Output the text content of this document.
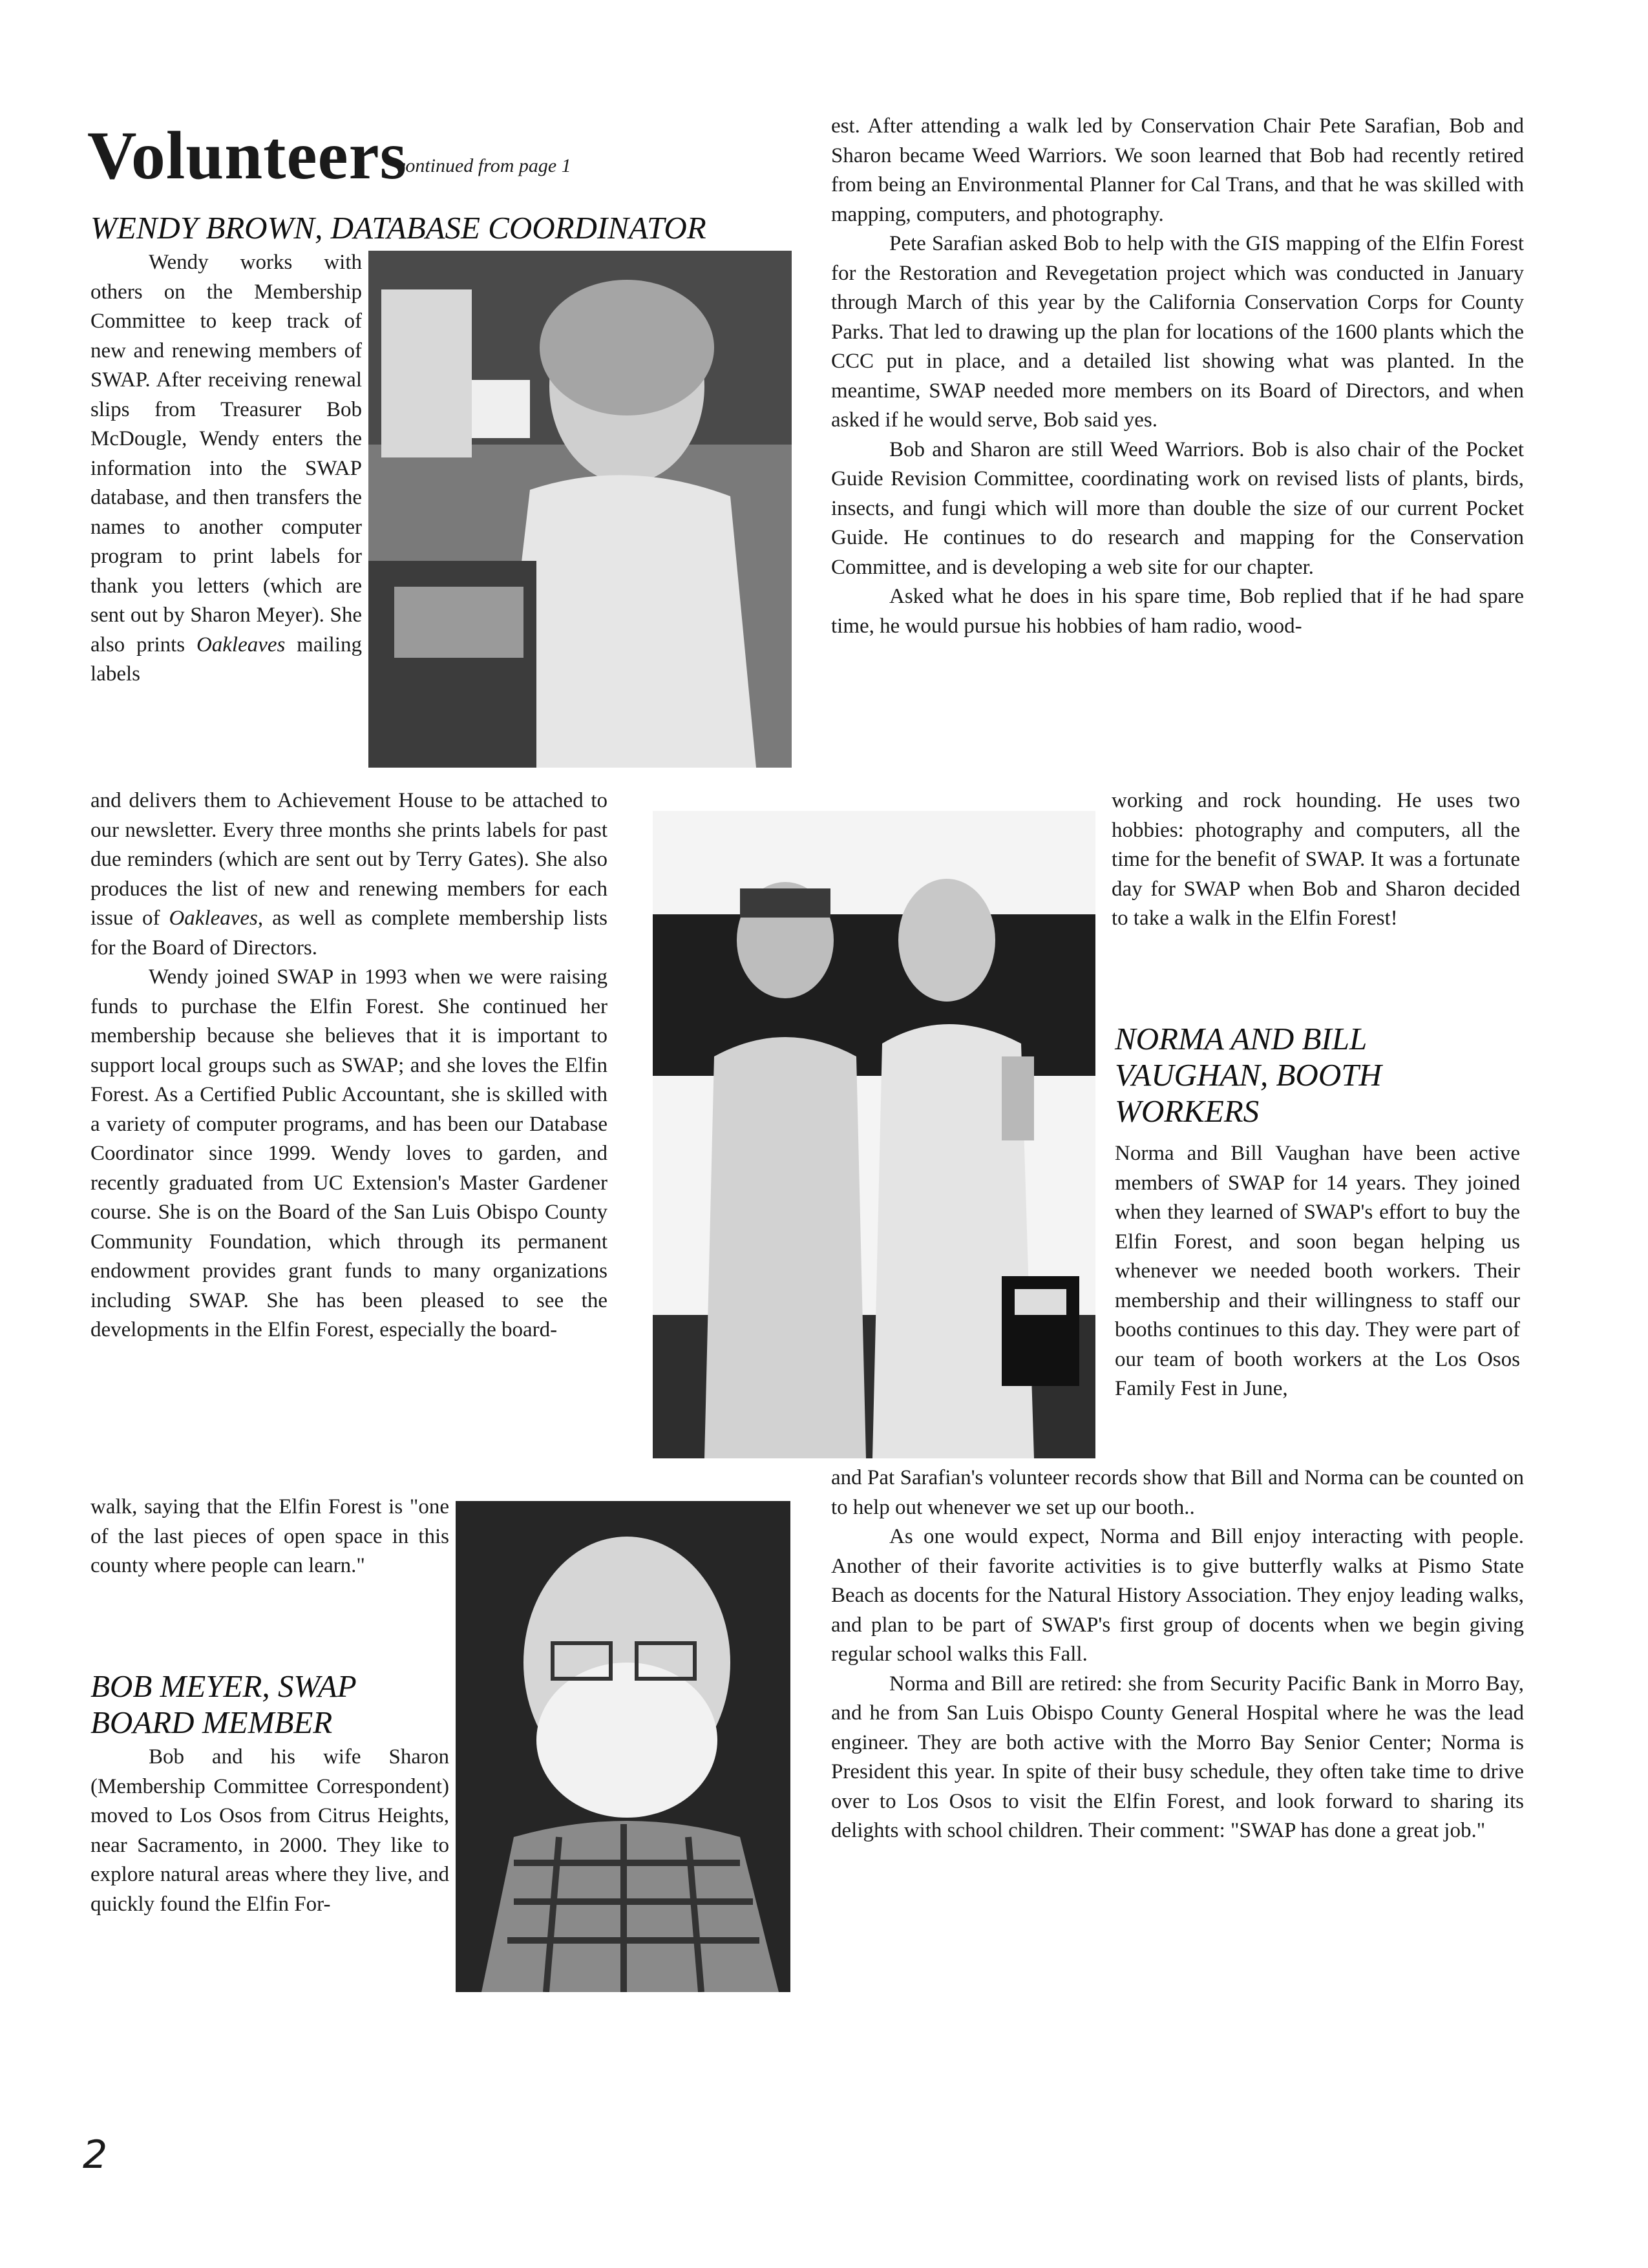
Volunteers
continued from page 1
WENDY BROWN, DATABASE COORDINATOR

Wendy works with others on the Membership Committee to keep track of new and renewing members of SWAP. After receiving renewal slips from Treasurer Bob McDougle, Wendy enters the information into the SWAP database, and then transfers the names to another computer program to print labels for thank you letters (which are sent out by Sharon Meyer). She also prints Oakleaves mailing labels

and delivers them to Achievement House to be attached to our newsletter. Every three months she prints labels for past due reminders (which are sent out by Terry Gates). She also produces the list of new and renewing members for each issue of Oakleaves, as well as complete membership lists for the Board of Directors.

Wendy joined SWAP in 1993 when we were raising funds to purchase the Elfin Forest. She continued her membership because she believes that it is important to support local groups such as SWAP; and she loves the Elfin Forest. As a Certified Public Accountant, she is skilled with a variety of computer programs, and has been our Database Coordinator since 1999. Wendy loves to garden, and recently graduated from UC Extension's Master Gardener course. She is on the Board of the San Luis Obispo County Community Foundation, which through its permanent endowment provides grant funds to many organizations including SWAP. She has been pleased to see the developments in the Elfin Forest, especially the board-

walk, saying that the Elfin Forest is "one of the last pieces of open space in this county where people can learn."

BOB MEYER, SWAP BOARD MEMBER

Bob and his wife Sharon (Membership Committee Correspondent) moved to Los Osos from Citrus Heights, near Sacramento, in 2000. They like to explore natural areas where they live, and quickly found the Elfin For-

est. After attending a walk led by Conservation Chair Pete Sarafian, Bob and Sharon became Weed Warriors. We soon learned that Bob had recently retired from being an Environmental Planner for Cal Trans, and that he was skilled with mapping, computers, and photography.

Pete Sarafian asked Bob to help with the GIS mapping of the Elfin Forest for the Restoration and Revegetation project which was conducted in January through March of this year by the California Conservation Corps for County Parks. That led to drawing up the plan for locations of the 1600 plants which the CCC put in place, and a detailed list showing what was planted. In the meantime, SWAP needed more members on its Board of Directors, and when asked if he would serve, Bob said yes.

Bob and Sharon are still Weed Warriors. Bob is also chair of the Pocket Guide Revision Committee, coordinating work on revised lists of plants, birds, insects, and fungi which will more than double the size of our current Pocket Guide. He continues to do research and mapping for the Conservation Committee, and is developing a web site for our chapter.

Asked what he does in his spare time, Bob replied that if he had spare time, he would pursue his hobbies of ham radio, wood-

working and rock hounding. He uses two hobbies: photography and computers, all the time for the benefit of SWAP. It was a fortunate day for SWAP when Bob and Sharon decided to take a walk in the Elfin Forest!

NORMA AND BILL VAUGHAN, BOOTH WORKERS

Norma and Bill Vaughan have been active members of SWAP for 14 years. They joined when they learned of SWAP's effort to buy the Elfin Forest, and soon began helping us whenever we needed booth workers. Their membership and their willingness to staff our booths continues to this day. They were part of our team of booth workers at the Los Osos Family Fest in June,

and Pat Sarafian's volunteer records show that Bill and Norma can be counted on to help out whenever we set up our booth..

As one would expect, Norma and Bill enjoy interacting with people. Another of their favorite activities is to give butterfly walks at Pismo State Beach as docents for the Natural History Association. They enjoy leading walks, and plan to be part of SWAP's first group of docents when we begin giving regular school walks this Fall.

Norma and Bill are retired: she from Security Pacific Bank in Morro Bay, and he from San Luis Obispo County General Hospital where he was the lead engineer. They are both active with the Morro Bay Senior Center; Norma is President this year. In spite of their busy schedule, they often take time to drive over to Los Osos to visit the Elfin Forest, and look forward to sharing its delights with school children. Their comment: "SWAP has done a great job."

2
